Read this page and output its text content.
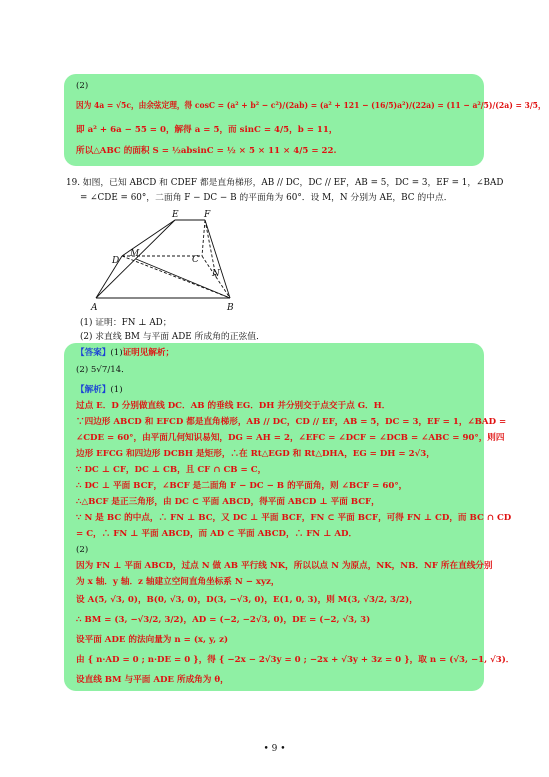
(2)
因为 4a = √5c，由余弦定理，得 cosC = (a² + b² − c²)/(2ab) = (a² + 121 − (16/5)a²)/(22a) = (11 − a²/5)/(2a) = 3/5，
即 a² + 6a − 55 = 0，解得 a = 5，而 sinC = 4/5，b = 11，
所以△ABC 的面积 S = ½absinC = ½ × 5 × 11 × 4/5 = 22.
19. 如图，已知 ABCD 和 CDEF 都是直角梯形，AB // DC，DC // EF，AB = 5，DC = 3，EF = 1，∠BAD
= ∠CDE = 60°，二面角 F − DC − B 的平面角为 60°．设 M，N 分别为 AE，BC 的中点．
E	F
D
M
C
N
A	B
(1) 证明：FN ⊥ AD；
(2) 求直线 BM 与平面 ADE 所成角的正弦值．
【答案】(1)证明见解析；
(2) 5√7/14．
【解析】(1)
过点 E．D 分别做直线 DC．AB 的垂线 EG．DH 并分别交于点交于点 G．H．
∵四边形 ABCD 和 EFCD 都是直角梯形，AB // DC，CD // EF，AB = 5，DC = 3，EF = 1，∠BAD =
∠CDE = 60°，由平面几何知识易知，DG = AH = 2，∠EFC = ∠DCF = ∠DCB = ∠ABC = 90°，则四
边形 EFCG 和四边形 DCBH 是矩形，∴在 Rt△EGD 和 Rt△DHA，EG = DH = 2√3，
∵ DC ⊥ CF，DC ⊥ CB，且 CF ∩ CB = C，
∴ DC ⊥ 平面 BCF，∠BCF 是二面角 F − DC − B 的平面角，则 ∠BCF = 60°，
∴△BCF 是正三角形，由 DC ⊂ 平面 ABCD，得平面 ABCD ⊥ 平面 BCF，
∵ N 是 BC 的中点，∴ FN ⊥ BC，又 DC ⊥ 平面 BCF，FN ⊂ 平面 BCF，可得 FN ⊥ CD，而 BC ∩ CD
= C，∴ FN ⊥ 平面 ABCD，而 AD ⊂ 平面 ABCD，∴ FN ⊥ AD．
(2)
因为 FN ⊥ 平面 ABCD，过点 N 做 AB 平行线 NK，所以以点 N 为原点，NK，NB．NF 所在直线分别
为 x 轴．y 轴．z 轴建立空间直角坐标系 N − xyz，
设 A(5, √3, 0)，B(0, √3, 0)，D(3, −√3, 0)，E(1, 0, 3)，则 M(3, √3/2, 3/2)，
∴ BM = (3, −√3/2, 3/2)，AD = (−2, −2√3, 0)，DE = (−2, √3, 3)
设平面 ADE 的法向量为 n = (x, y, z)
由 { n·AD = 0 ; n·DE = 0 }，得 { −2x − 2√3y = 0 ; −2x + √3y + 3z = 0 }，取 n = (√3, −1, √3)．
设直线 BM 与平面 ADE 所成角为 θ，
• 9 •
